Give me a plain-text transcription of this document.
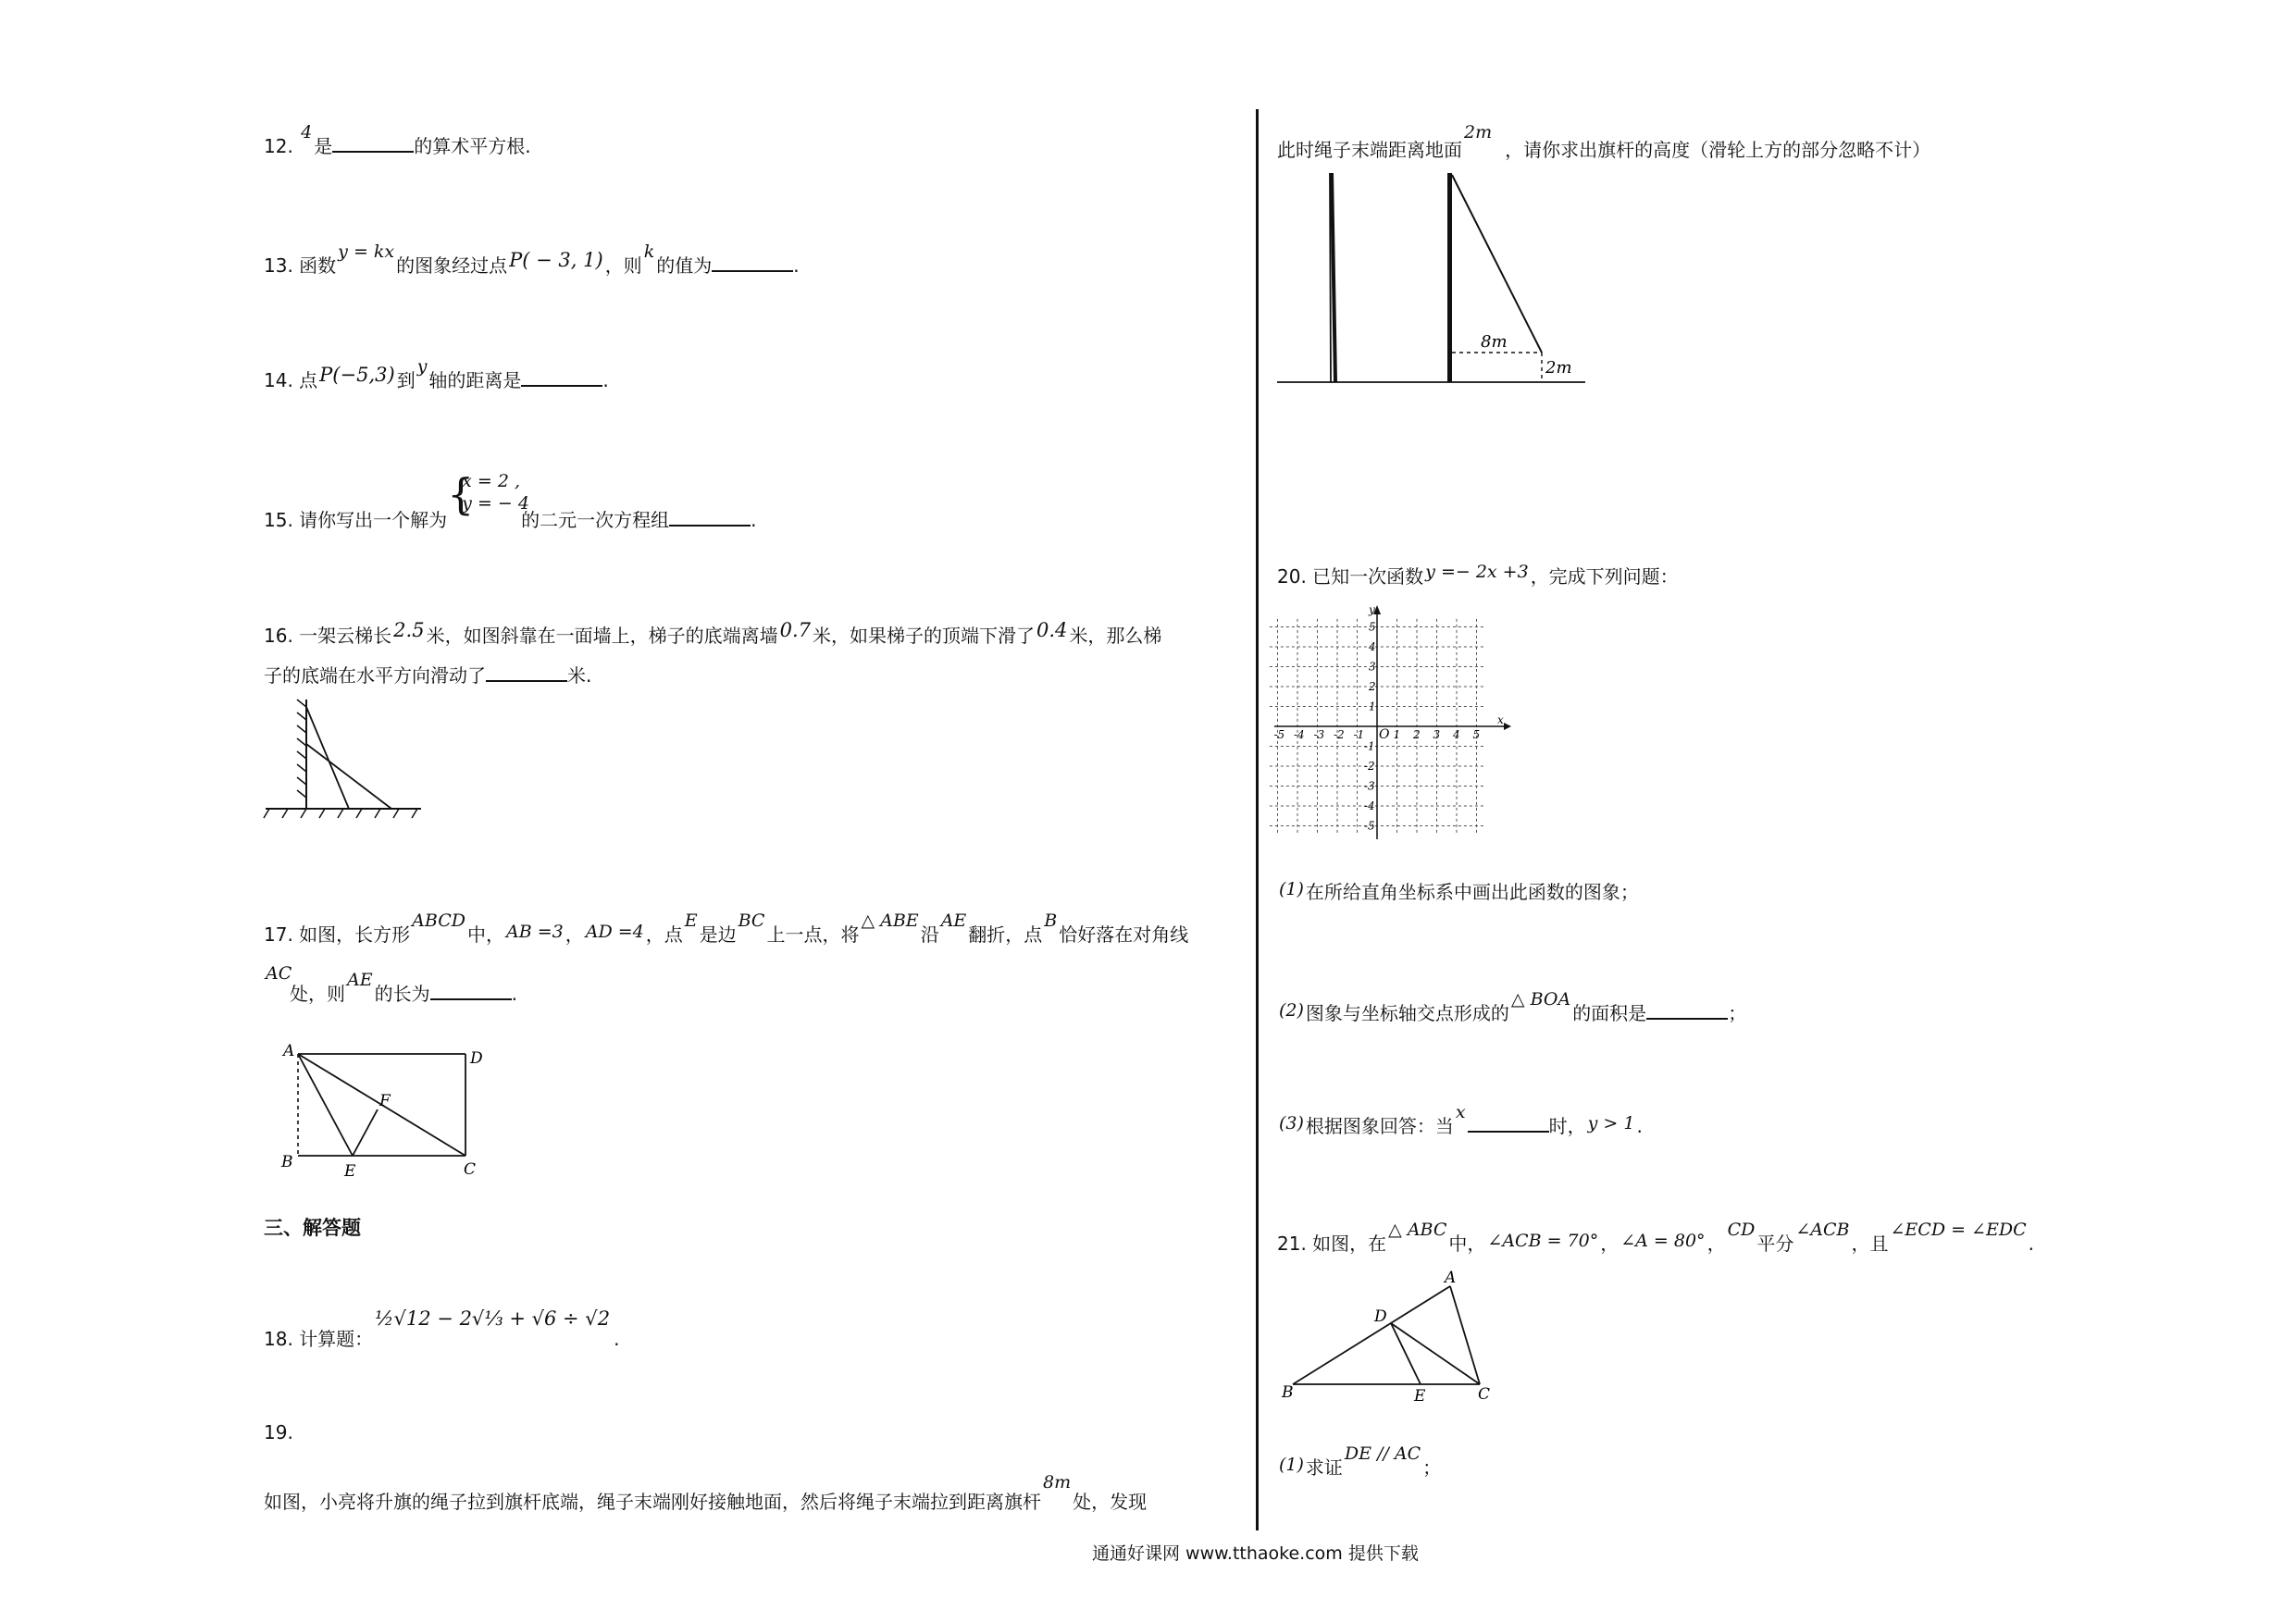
12. 4是	的算术平方根.
13. 函数y = kx的图象经过点P( − 3, 1) ，则k的值为	.
14. 点P(−5,3) 到y轴的距离是	.
15. 请你写出一个解为
{
x = 2 ,
y = − 4
的二元一次方程组	.
16. 一架云梯长2.5 米，如图斜靠在一面墙上，梯子的底端离墙0.7 米，如果梯子的顶端下滑了0.4 米，那么梯
子的底端在水平方向滑动了	米.
17. 如图，长方形ABCD中， AB =3 ， AD =4 ，点E是边BC上一点，将△ ABE沿AE翻折，点B恰好落在对角线
AC
处，则AE的长为	.
A	D
B	E	C
F
三、解答题
18. 计算题：½√12 − 2√⅓ + √6 ÷ √2.
19.
如图，小亮将升旗的绳子拉到旗杆底端，绳子末端刚好接触地面，然后将绳子末端拉到距离旗杆8m处，发现
此时绳子末端距离地面2m，请你求出旗杆的高度（滑轮上方的部分忽略不计）
8m
2m
20. 已知一次函数 y =− 2x +3 ，完成下列问题：
x
y
O
-5 -4 -3 -2 -1	1 2 3 4 5
5
4
3
2
1
-1
-2
-3
-4
-5
(1) 在所给直角坐标系中画出此函数的图象；
(2) 图象与坐标轴交点形成的△ BOA的面积是	；
(3) 根据图象回答：当x时， y > 1 .
21. 如图，在△ ABC中， ∠ACB = 70° ， ∠A = 80° ，CD平分∠ACB，且∠ECD = ∠EDC.
A
D
B	E	C
(1) 求证DE // AC；
通通好课网 www.tthaoke.com 提供下载
